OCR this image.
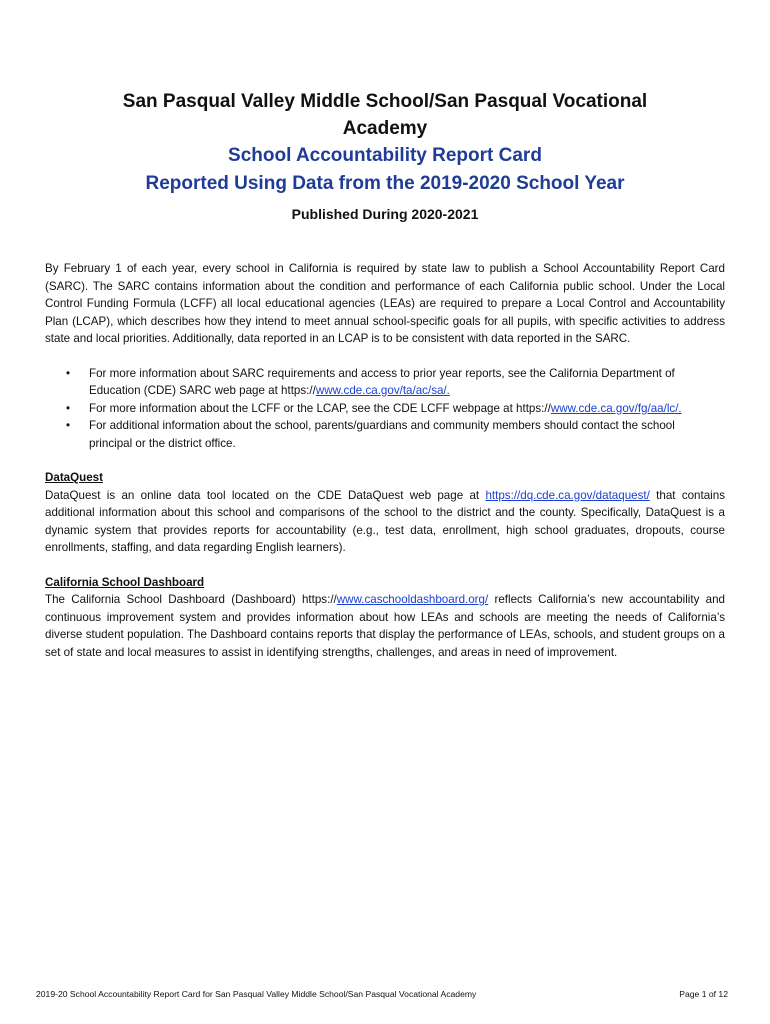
San Pasqual Valley Middle School/San Pasqual Vocational
Academy
School Accountability Report Card
Reported Using Data from the 2019-2020 School Year
Published During 2020-2021

By February 1 of each year, every school in California is required by state law to publish a School Accountability Report Card (SARC). The SARC contains information about the condition and performance of each California public school. Under the Local Control Funding Formula (LCFF) all local educational agencies (LEAs) are required to prepare a Local Control and Accountability Plan (LCAP), which describes how they intend to meet annual school-specific goals for all pupils, with specific activities to address state and local priorities. Additionally, data reported in an LCAP is to be consistent with data reported in the SARC.

• For more information about SARC requirements and access to prior year reports, see the California Department of Education (CDE) SARC web page at https://www.cde.ca.gov/ta/ac/sa/.
• For more information about the LCFF or the LCAP, see the CDE LCFF webpage at https://www.cde.ca.gov/fg/aa/lc/.
• For additional information about the school, parents/guardians and community members should contact the school principal or the district office.
DataQuest

DataQuest is an online data tool located on the CDE DataQuest web page at https://dq.cde.ca.gov/dataquest/ that contains additional information about this school and comparisons of the school to the district and the county. Specifically, DataQuest is a dynamic system that provides reports for accountability (e.g., test data, enrollment, high school graduates, dropouts, course enrollments, staffing, and data regarding English learners).

California School Dashboard

The California School Dashboard (Dashboard) https://www.caschooldashboard.org/ reflects California’s new accountability and continuous improvement system and provides information about how LEAs and schools are meeting the needs of California’s diverse student population. The Dashboard contains reports that display the performance of LEAs, schools, and student groups on a set of state and local measures to assist in identifying strengths, challenges, and areas in need of improvement.

2019-20 School Accountability Report Card for San Pasqual Valley Middle School/San Pasqual Vocational Academy	Page 1 of 12
